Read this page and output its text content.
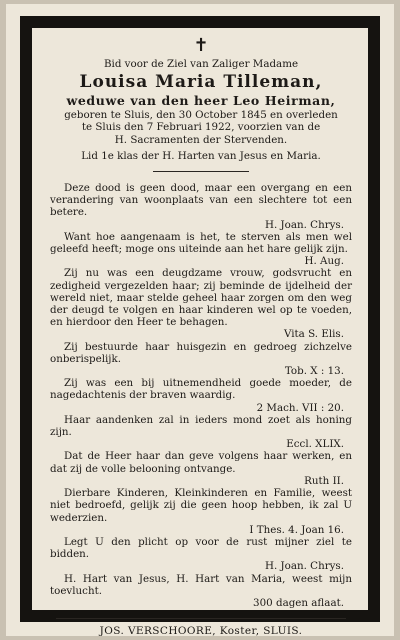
✝
Bid voor de Ziel van Zaliger Madame
Louisa Maria Tilleman,
weduwe van den heer Leo Heirman,
geboren te Sluis, den 30 October 1845 en overleden
te Sluis den 7 Februari 1922, voorzien van de
H. Sacramenten der Stervenden.
Lid 1e klas der H. Harten van Jesus en Maria.

Deze dood is geen dood, maar een overgang en een verandering van woonplaats van een slechtere tot een betere.

H. Joan. Chrys.

Want hoe aangenaam is het, te sterven als men wel geleefd heeft; moge ons uiteinde aan het hare gelijk zijn.

H. Aug.

Zij nu was een deugdzame vrouw, godsvrucht en zedigheid vergezelden haar; zij beminde de ijdelheid der wereld niet, maar stelde geheel haar zorgen om den weg der deugd te volgen en haar kinderen wel op te voeden, en hierdoor den Heer te behagen.

Vita S. Elis.

Zij bestuurde haar huisgezin en gedroeg zichzelve onberispelijk.

Tob. X : 13.

Zij was een bij uitnemendheid goede moeder, de nagedachtenis der braven waardig.

2 Mach. VII : 20.

Haar aandenken zal in ieders mond zoet als honing zijn.

Eccl. XLIX.

Dat de Heer haar dan geve volgens haar werken, en dat zij de volle belooning ontvange.

Ruth II.

Dierbare Kinderen, Kleinkinderen en Familie, weest niet bedroefd, gelijk zij die geen hoop hebben, ik zal U wederzien.

I Thes. 4. Joan 16.

Legt U den plicht op voor de rust mijner ziel te bidden.

H. Joan. Chrys.

H. Hart van Jesus, H. Hart van Maria, weest mijn toevlucht.

300 dagen aflaat.
JOS. VERSCHOORE, Koster, SLUIS.
